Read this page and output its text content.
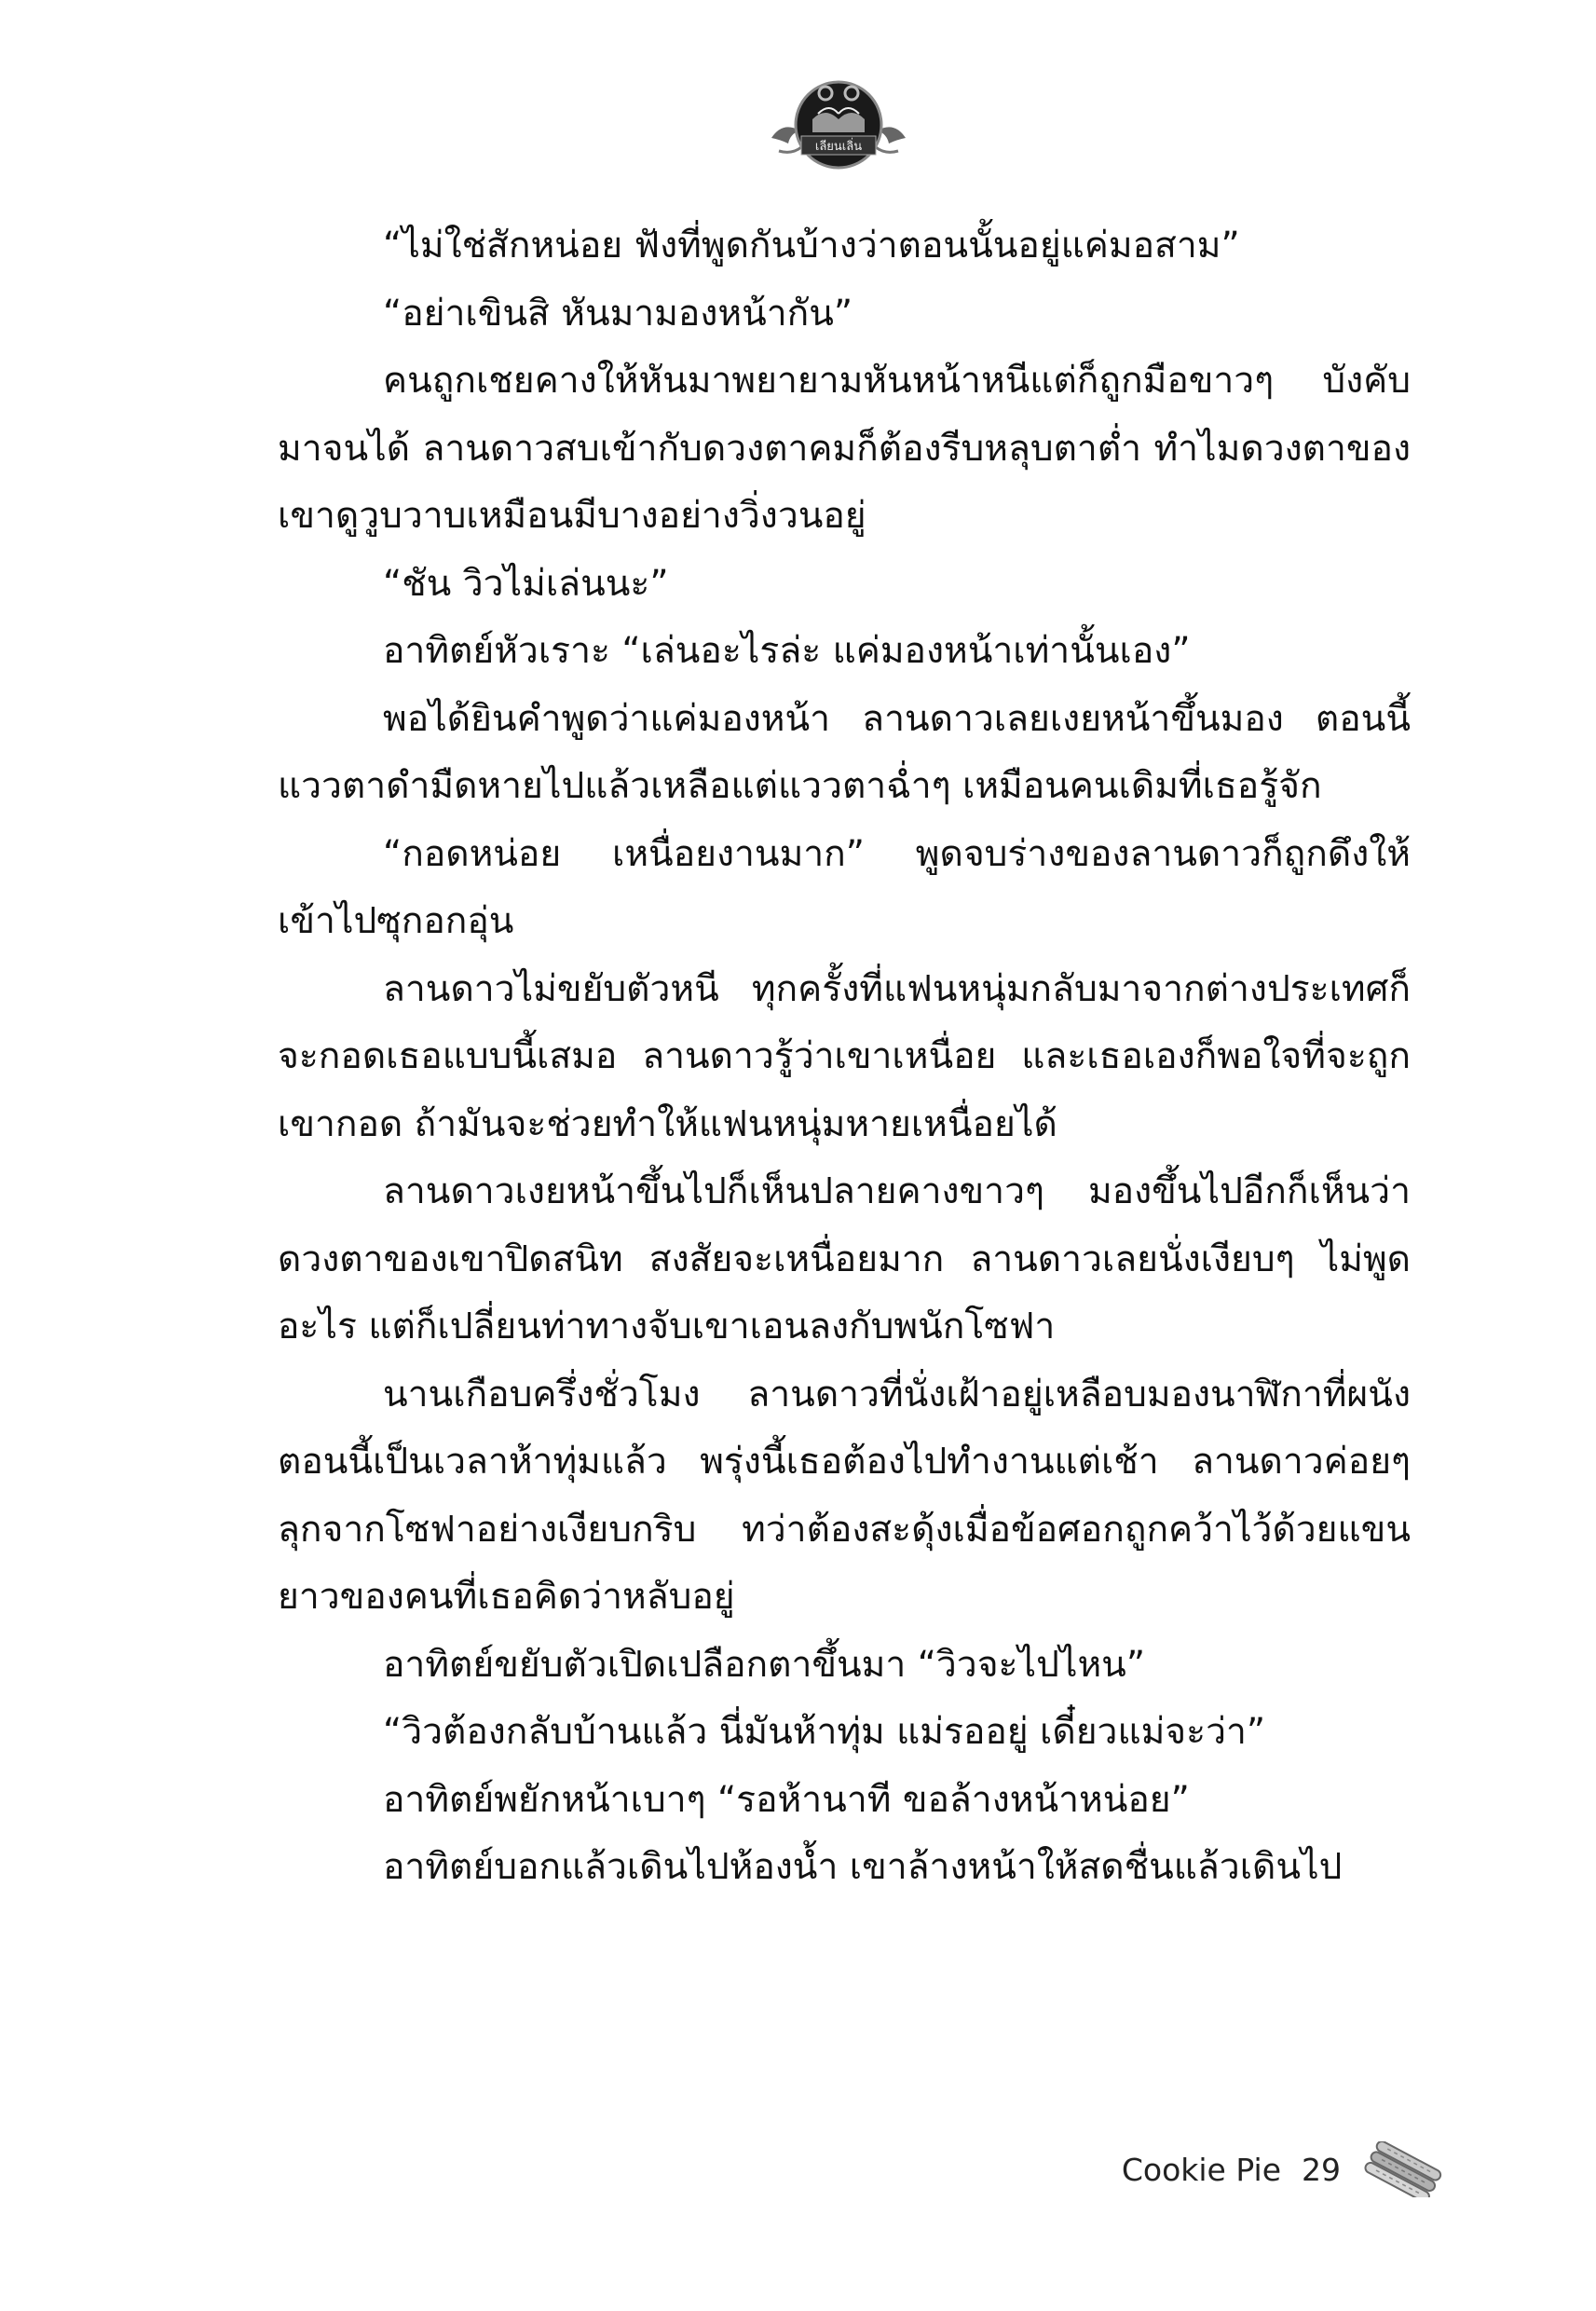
เลียนเลิ่น

“ไม่ใช่สักหน่อย ฟังที่พูดกันบ้างว่าตอนนั้นอยู่แค่มอสาม”

“อย่าเขินสิ หันมามองหน้ากัน”

คนถูกเชยคางให้หันมาพยายามหันหน้าหนีแต่ก็ถูกมือขาวๆ บังคับมาจนได้ ลานดาวสบเข้ากับดวงตาคมก็ต้องรีบหลุบตาต่ำ ทำไมดวงตาของเขาดูวูบวาบเหมือนมีบางอย่างวิ่งวนอยู่

“ชัน วิวไม่เล่นนะ”

อาทิตย์หัวเราะ “เล่นอะไรล่ะ แค่มองหน้าเท่านั้นเอง”

พอได้ยินคำพูดว่าแค่มองหน้า ลานดาวเลยเงยหน้าขึ้นมอง ตอนนี้แววตาดำมืดหายไปแล้วเหลือแต่แววตาฉ่ำๆ เหมือนคนเดิมที่เธอรู้จัก

“กอดหน่อย เหนื่อยงานมาก” พูดจบร่างของลานดาวก็ถูกดึงให้เข้าไปซุกอกอุ่น

ลานดาวไม่ขยับตัวหนี ทุกครั้งที่แฟนหนุ่มกลับมาจากต่างประเทศก็จะกอดเธอแบบนี้เสมอ ลานดาวรู้ว่าเขาเหนื่อย และเธอเองก็พอใจที่จะถูกเขากอด ถ้ามันจะช่วยทำให้แฟนหนุ่มหายเหนื่อยได้

ลานดาวเงยหน้าขึ้นไปก็เห็นปลายคางขาวๆ มองขึ้นไปอีกก็เห็นว่าดวงตาของเขาปิดสนิท สงสัยจะเหนื่อยมาก ลานดาวเลยนั่งเงียบๆ ไม่พูดอะไร แต่ก็เปลี่ยนท่าทางจับเขาเอนลงกับพนักโซฟา

นานเกือบครึ่งชั่วโมง ลานดาวที่นั่งเฝ้าอยู่เหลือบมองนาฬิกาที่ผนัง ตอนนี้เป็นเวลาห้าทุ่มแล้ว พรุ่งนี้เธอต้องไปทำงานแต่เช้า ลานดาวค่อยๆ ลุกจากโซฟาอย่างเงียบกริบ ทว่าต้องสะดุ้งเมื่อข้อศอกถูกคว้าไว้ด้วยแขนยาวของคนที่เธอคิดว่าหลับอยู่

อาทิตย์ขยับตัวเปิดเปลือกตาขึ้นมา “วิวจะไปไหน”

“วิวต้องกลับบ้านแล้ว นี่มันห้าทุ่ม แม่รออยู่ เดี๋ยวแม่จะว่า”

อาทิตย์พยักหน้าเบาๆ “รอห้านาที ขอล้างหน้าหน่อย”

อาทิตย์บอกแล้วเดินไปห้องน้ำ เขาล้างหน้าให้สดชื่นแล้วเดินไป

Cookie Pie 29
